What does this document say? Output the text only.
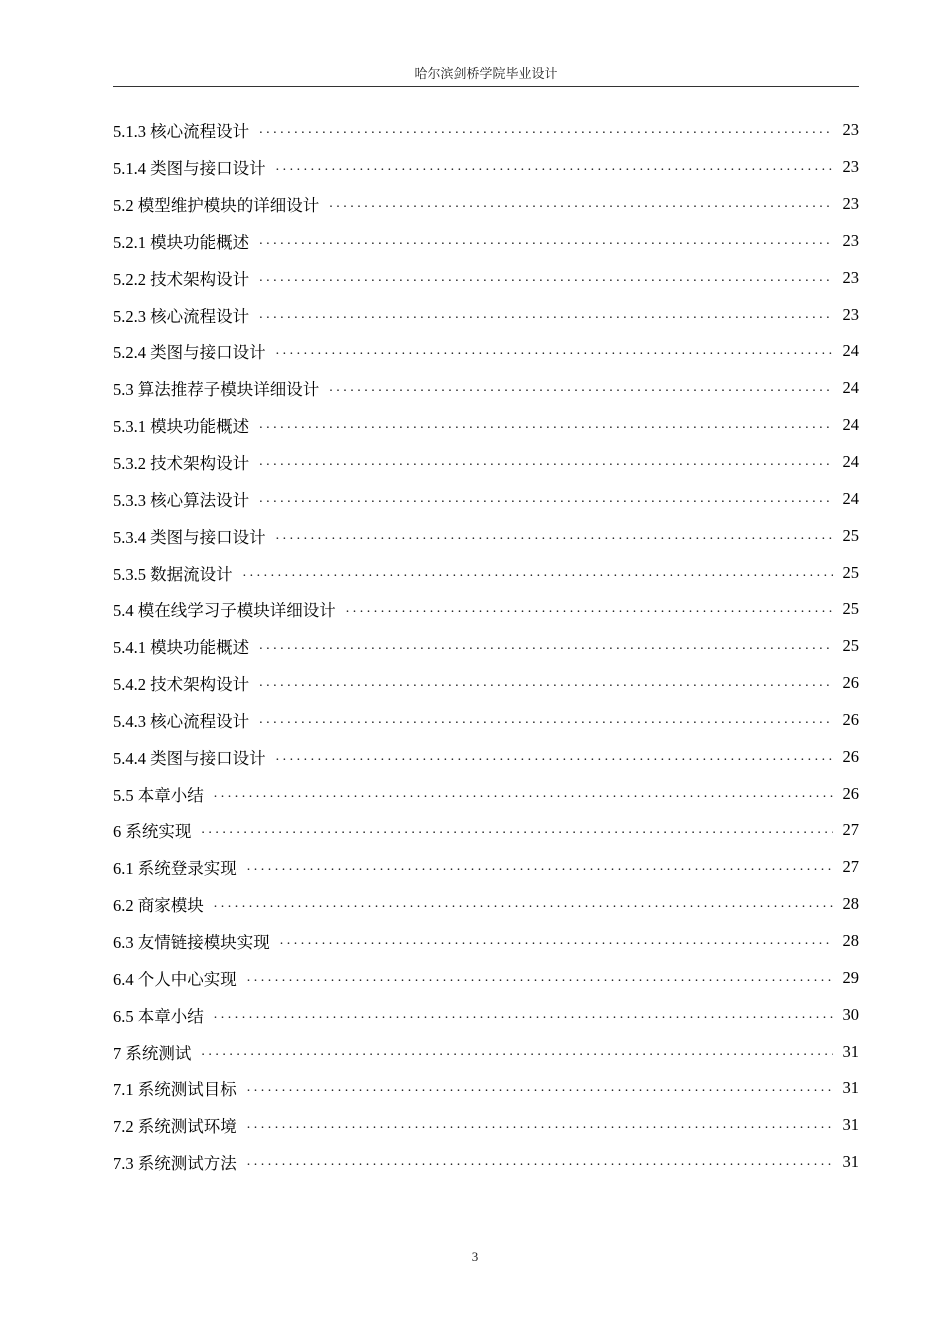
哈尔滨剑桥学院毕业设计
5.1.3 核心流程设计 . . .	23
5.1.4 类图与接口设计 . . .	23
5.2 模型维护模块的详细设计 . . .	23
5.2.1 模块功能概述 . . .	23
5.2.2 技术架构设计 . . .	23
5.2.3 核心流程设计 . . .	23
5.2.4 类图与接口设计 . . .	24
5.3 算法推荐子模块详细设计 . . .	24
5.3.1 模块功能概述 . . .	24
5.3.2 技术架构设计 . . .	24
5.3.3 核心算法设计 . . .	24
5.3.4 类图与接口设计 . . .	25
5.3.5 数据流设计 . . .	25
5.4 模在线学习子模块详细设计 . . .	25
5.4.1 模块功能概述 . . .	25
5.4.2 技术架构设计 . . .	26
5.4.3 核心流程设计 . . .	26
5.4.4 类图与接口设计 . . .	26
5.5 本章小结 . . .	26
6 系统实现 . . .	27
6.1 系统登录实现 . . .	27
6.2 商家模块 . . .	28
6.3 友情链接模块实现 . . .	28
6.4 个人中心实现 . . .	29
6.5 本章小结 . . .	30
7 系统测试 . . .	31
7.1 系统测试目标 . . .	31
7.2 系统测试环境 . . .	31
7.3 系统测试方法 . . .	31
3
